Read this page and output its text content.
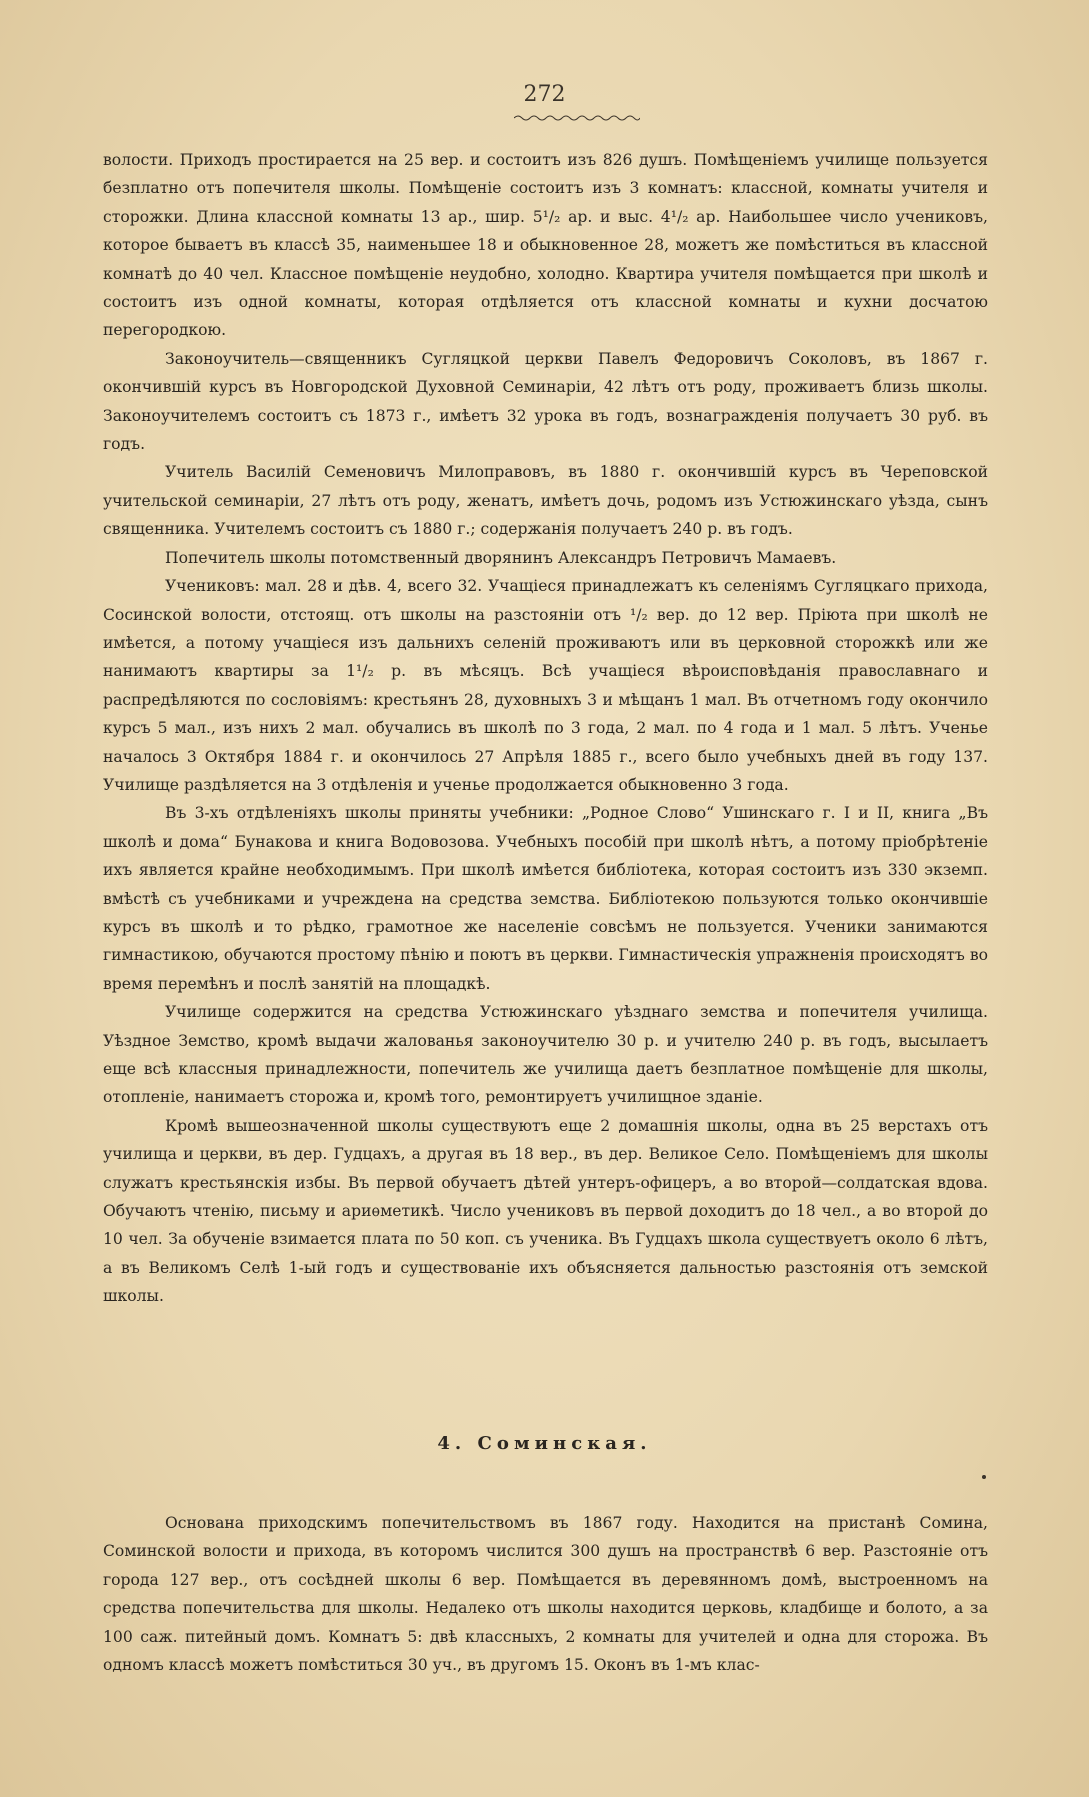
272

волости. Приходъ простирается на 25 вер. и состоитъ изъ 826 душъ. Помѣщеніемъ училище пользуется безплатно отъ попечителя школы. Помѣщеніе состоитъ изъ 3 комнатъ: классной, комнаты учителя и сторожки. Длина классной комнаты 13 ар., шир. 5¹/₂ ар. и выс. 4¹/₂ ар. Наибольшее число учениковъ, которое бываетъ въ классѣ 35, наименьшее 18 и обыкновенное 28, можетъ же помѣститься въ классной комнатѣ до 40 чел. Классное помѣщеніе неудобно, холодно. Квартира учителя помѣщается при школѣ и состоитъ изъ одной комнаты, которая отдѣляется отъ классной комнаты и кухни досчатою перегородкою.

Законоучитель—священникъ Сугляцкой церкви Павелъ Федоровичъ Соколовъ, въ 1867 г. окончившій курсъ въ Новгородской Духовной Семинаріи, 42 лѣтъ отъ роду, проживаетъ близь школы. Законоучителемъ состоитъ съ 1873 г., имѣетъ 32 урока въ годъ, вознагражденія получаетъ 30 руб. въ годъ.

Учитель Василій Семеновичъ Милоправовъ, въ 1880 г. окончившій курсъ въ Череповской учительской семинаріи, 27 лѣтъ отъ роду, женатъ, имѣетъ дочь, родомъ изъ Устюжинскаго уѣзда, сынъ священника. Учителемъ состоитъ съ 1880 г.; содержанія получаетъ 240 р. въ годъ.

Попечитель школы потомственный дворянинъ Александръ Петровичъ Мамаевъ.

Учениковъ: мал. 28 и дѣв. 4, всего 32. Учащіеся принадлежатъ къ селеніямъ Сугляцкаго прихода, Сосинской волости, отстоящ. отъ школы на разстояніи отъ ¹/₂ вер. до 12 вер. Пріюта при школѣ не имѣется, а потому учащіеся изъ дальнихъ селеній проживаютъ или въ церковной сторожкѣ или же нанимаютъ квартиры за 1¹/₂ р. въ мѣсяцъ. Всѣ учащіеся вѣроисповѣданія православнаго и распредѣляются по сословіямъ: крестьянъ 28, духовныхъ 3 и мѣщанъ 1 мал. Въ отчетномъ году окончило курсъ 5 мал., изъ нихъ 2 мал. обучались въ школѣ по 3 года, 2 мал. по 4 года и 1 мал. 5 лѣтъ. Ученье началось 3 Октября 1884 г. и окончилось 27 Апрѣля 1885 г., всего было учебныхъ дней въ году 137. Училище раздѣляется на 3 отдѣленія и ученье продолжается обыкновенно 3 года.

Въ 3-хъ отдѣленіяхъ школы приняты учебники: „Родное Слово“ Ушинскаго г. I и II, книга „Въ школѣ и дома“ Бунакова и книга Водовозова. Учебныхъ пособій при школѣ нѣтъ, а потому пріобрѣтеніе ихъ является крайне необходимымъ. При школѣ имѣется библіотека, которая состоитъ изъ 330 экземп. вмѣстѣ съ учебниками и учреждена на средства земства. Библіотекою пользуются только окончившіе курсъ въ школѣ и то рѣдко, грамотное же населеніе совсѣмъ не пользуется. Ученики занимаются гимнастикою, обучаются простому пѣнію и поютъ въ церкви. Гимнастическія упражненія происходятъ во время перемѣнъ и послѣ занятій на площадкѣ.

Училище содержится на средства Устюжинскаго уѣзднаго земства и попечителя училища. Уѣздное Земство, кромѣ выдачи жалованья законоучителю 30 р. и учителю 240 р. въ годъ, высылаетъ еще всѣ классныя принадлежности, попечитель же училища даетъ безплатное помѣщеніе для школы, отопленіе, нанимаетъ сторожа и, кромѣ того, ремонтируетъ училищное зданіе.

Кромѣ вышеозначенной школы существуютъ еще 2 домашнія школы, одна въ 25 верстахъ отъ училища и церкви, въ дер. Гудцахъ, а другая въ 18 вер., въ дер. Великое Село. Помѣщеніемъ для школы служатъ крестьянскія избы. Въ первой обучаетъ дѣтей унтеръ-офицеръ, а во второй—солдатская вдова. Обучаютъ чтенію, письму и ариѳметикѣ. Число учениковъ въ первой доходитъ до 18 чел., а во второй до 10 чел. За обученіе взимается плата по 50 коп. съ ученика. Въ Гудцахъ школа существуетъ около 6 лѣтъ, а въ Великомъ Селѣ 1-ый годъ и существованіе ихъ объясняется дальностью разстоянія отъ земской школы.

4. Соминская.

Основана приходскимъ попечительствомъ въ 1867 году. Находится на пристанѣ Сомина, Соминской волости и прихода, въ которомъ числится 300 душъ на пространствѣ 6 вер. Разстояніе отъ города 127 вер., отъ сосѣдней школы 6 вер. Помѣщается въ деревянномъ домѣ, выстроенномъ на средства попечительства для школы. Недалеко отъ школы находится церковь, кладбище и болото, а за 100 саж. питейный домъ. Комнатъ 5: двѣ классныхъ, 2 комнаты для учителей и одна для сторожа. Въ одномъ классѣ можетъ помѣститься 30 уч., въ другомъ 15. Оконъ въ 1-мъ клас-
